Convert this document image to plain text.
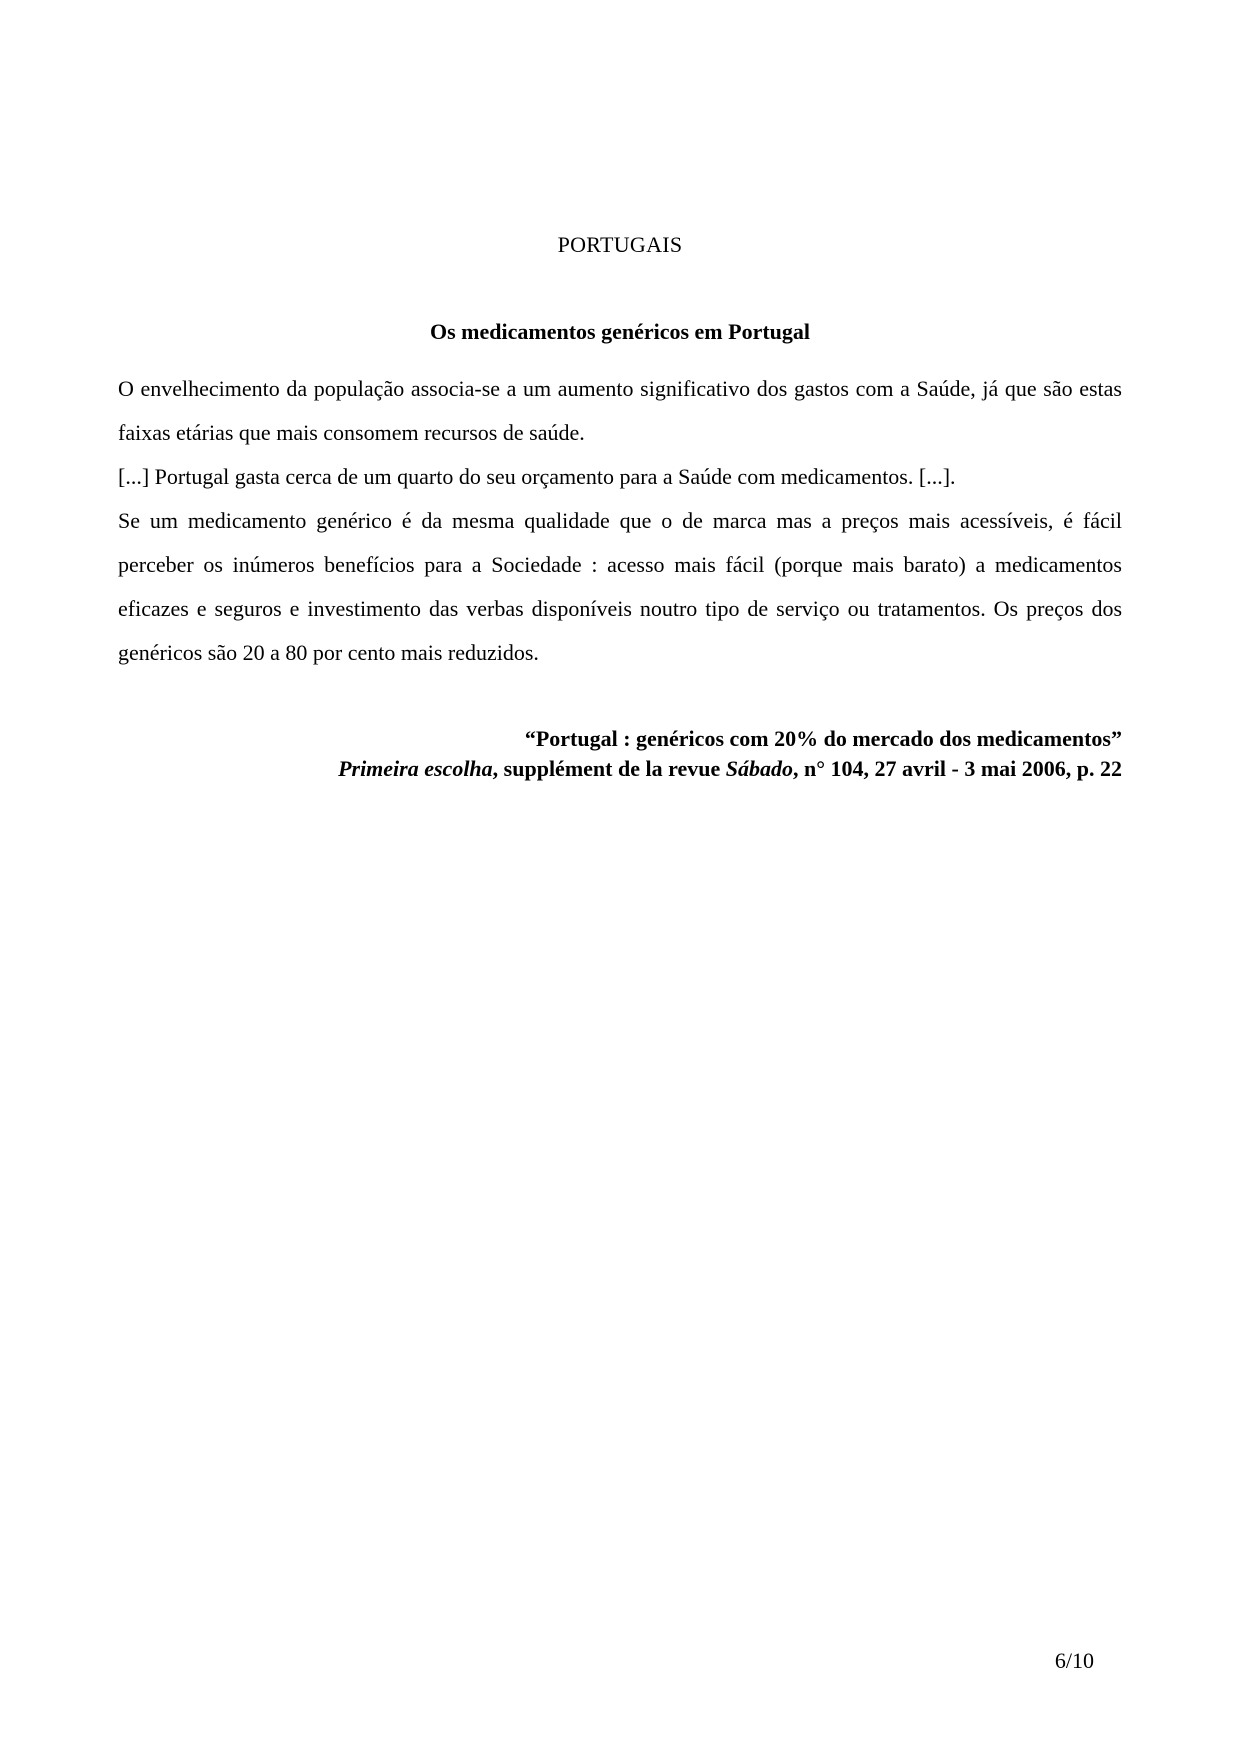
PORTUGAIS
Os medicamentos genéricos em Portugal

O envelhecimento da população associa-se a um aumento significativo dos gastos com a Saúde, já que são estas faixas etárias que mais consomem recursos de saúde.

[...] Portugal gasta cerca de um quarto do seu orçamento para a Saúde com medicamentos. [...].

Se um medicamento genérico é da mesma qualidade que o de marca mas a preços mais acessíveis, é fácil perceber os inúmeros benefícios para a Sociedade : acesso mais fácil (porque mais barato) a medicamentos eficazes e seguros e investimento das verbas disponíveis noutro tipo de serviço ou tratamentos. Os preços dos genéricos são 20 a 80 por cento mais reduzidos.

“Portugal : genéricos com 20% do mercado dos medicamentos”
Primeira escolha, supplément de la revue Sábado, n° 104, 27 avril - 3 mai 2006, p. 22
6/10
